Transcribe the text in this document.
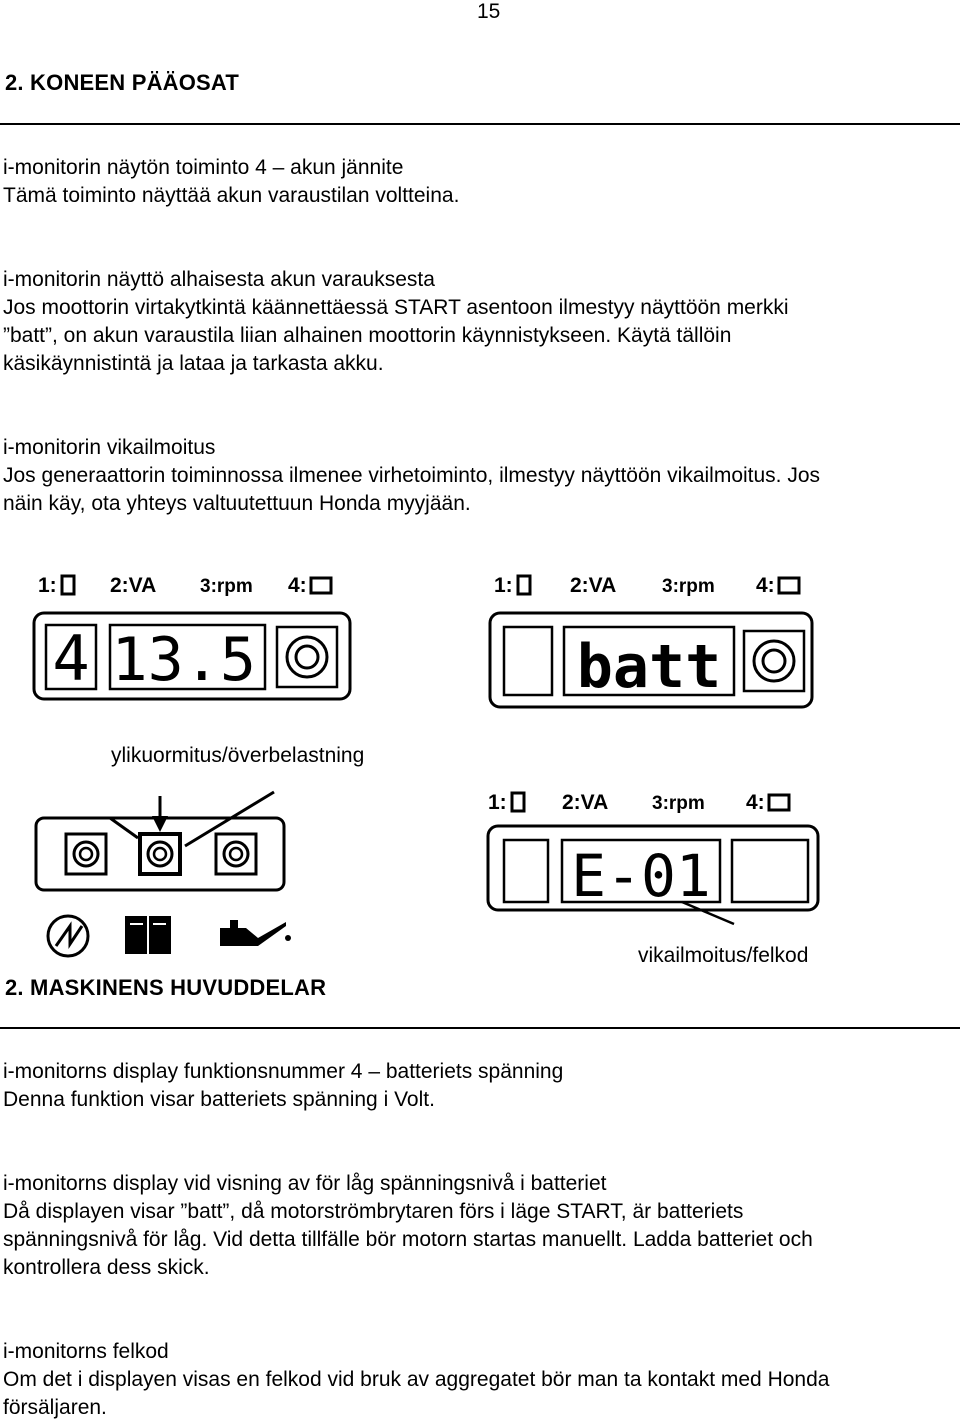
15
2. KONEEN PÄÄOSAT
i-monitorin näytön toiminto 4 – akun jännite
Tämä toiminto näyttää akun varaustilan voltteina.
i-monitorin näyttö alhaisesta akun varauksesta
Jos moottorin virtakytkintä käännettäessä START asentoon ilmestyy näyttöön merkki
”batt”, on akun varaustila liian alhainen moottorin käynnistykseen. Käytä tällöin
käsikäynnistintä ja lataa ja tarkasta akku.
i-monitorin vikailmoitus
Jos generaattorin toiminnossa ilmenee virhetoiminto, ilmestyy näyttöön vikailmoitus. Jos
näin käy, ota yhteys valtuutettuun Honda myyjään.
1:	2:VA 3:rpm 4:
4 13.5
1:	2:VA 3:rpm 4:
batt
ylikuormitus/överbelastning
1:	2:VA 3:rpm 4:
E-01
vikailmoitus/felkod
2. MASKINENS HUVUDDELAR
i-monitorns display funktionsnummer 4 – batteriets spänning
Denna funktion visar batteriets spänning i Volt.
i-monitorns display vid visning av för låg spänningsnivå i batteriet
Då displayen visar ”batt”, då motorströmbrytaren förs i läge START, är batteriets
spänningsnivå för låg. Vid detta tillfälle bör motorn startas manuellt. Ladda batteriet och
kontrollera dess skick.
i-monitorns felkod
Om det i displayen visas en felkod vid bruk av aggregatet bör man ta kontakt med Honda
försäljaren.
